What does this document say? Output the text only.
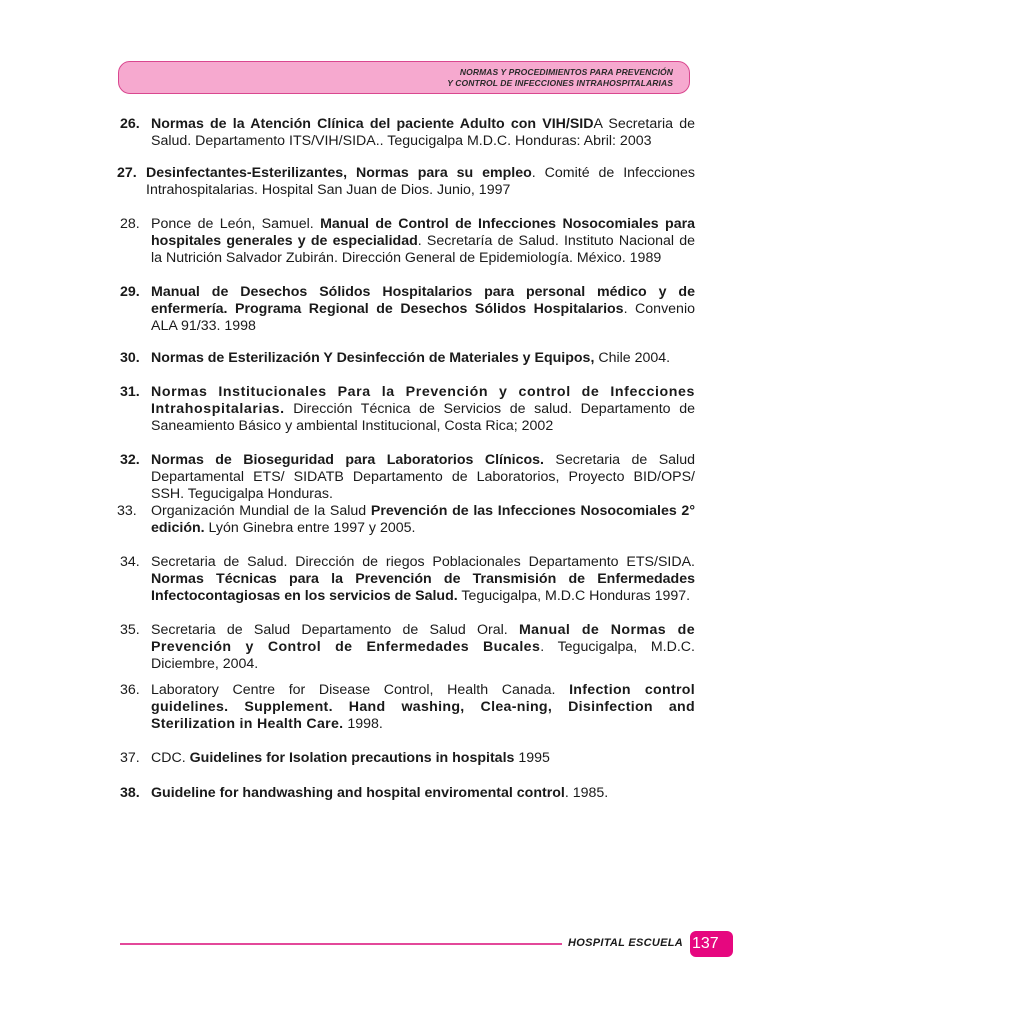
NORMAS Y PROCEDIMIENTOS PARA PREVENCIÓN
Y CONTROL DE INFECCIONES INTRAHOSPITALARIAS
26. Normas de la Atención Clínica del paciente Adulto con VIH/SIDA Secretaria de Salud. Departamento ITS/VIH/SIDA.. Tegucigalpa M.D.C. Honduras: Abril: 2003
27. Desinfectantes-Esterilizantes, Normas para su empleo. Comité de Infecciones Intrahospitalarias. Hospital San Juan de Dios. Junio, 1997
28. Ponce de León, Samuel. Manual de Control de Infecciones Nosocomiales para hospitales generales y de especialidad. Secretaría de Salud. Instituto Nacional de la Nutrición Salvador Zubirán. Dirección General de Epidemiología. México. 1989
29. Manual de Desechos Sólidos Hospitalarios para personal médico y de enfermería. Programa Regional de Desechos Sólidos Hospitalarios. Convenio ALA 91/33. 1998
30. Normas de Esterilización Y Desinfección de Materiales y Equipos, Chile 2004.
31. Normas Institucionales Para la Prevención y control de Infecciones Intrahospitalarias. Dirección Técnica de Servicios de salud. Departamento de Saneamiento Básico y ambiental Institucional, Costa Rica; 2002
32. Normas de Bioseguridad para Laboratorios Clínicos. Secretaria de Salud Departamental ETS/ SIDATB Departamento de Laboratorios, Proyecto BID/OPS/ SSH. Tegucigalpa Honduras.
33. Organización Mundial de la Salud Prevención de las Infecciones Nosocomiales 2° edición. Lyón Ginebra entre 1997 y 2005.
34. Secretaria de Salud. Dirección de riegos Poblacionales Departamento ETS/SIDA. Normas Técnicas para la Prevención de Transmisión de Enfermedades Infectocontagiosas en los servicios de Salud. Tegucigalpa, M.D.C Honduras 1997.
35. Secretaria de Salud Departamento de Salud Oral. Manual de Normas de Prevención y Control de Enfermedades Bucales. Tegucigalpa, M.D.C. Diciembre, 2004.
36. Laboratory Centre for Disease Control, Health Canada. Infection control guidelines. Supplement. Hand washing, Clea-ning, Disinfection and Sterilization in Health Care. 1998.
37. CDC. Guidelines for Isolation precautions in hospitals 1995
38. Guideline for handwashing and hospital enviromental control. 1985.
HOSPITAL ESCUELA 137
